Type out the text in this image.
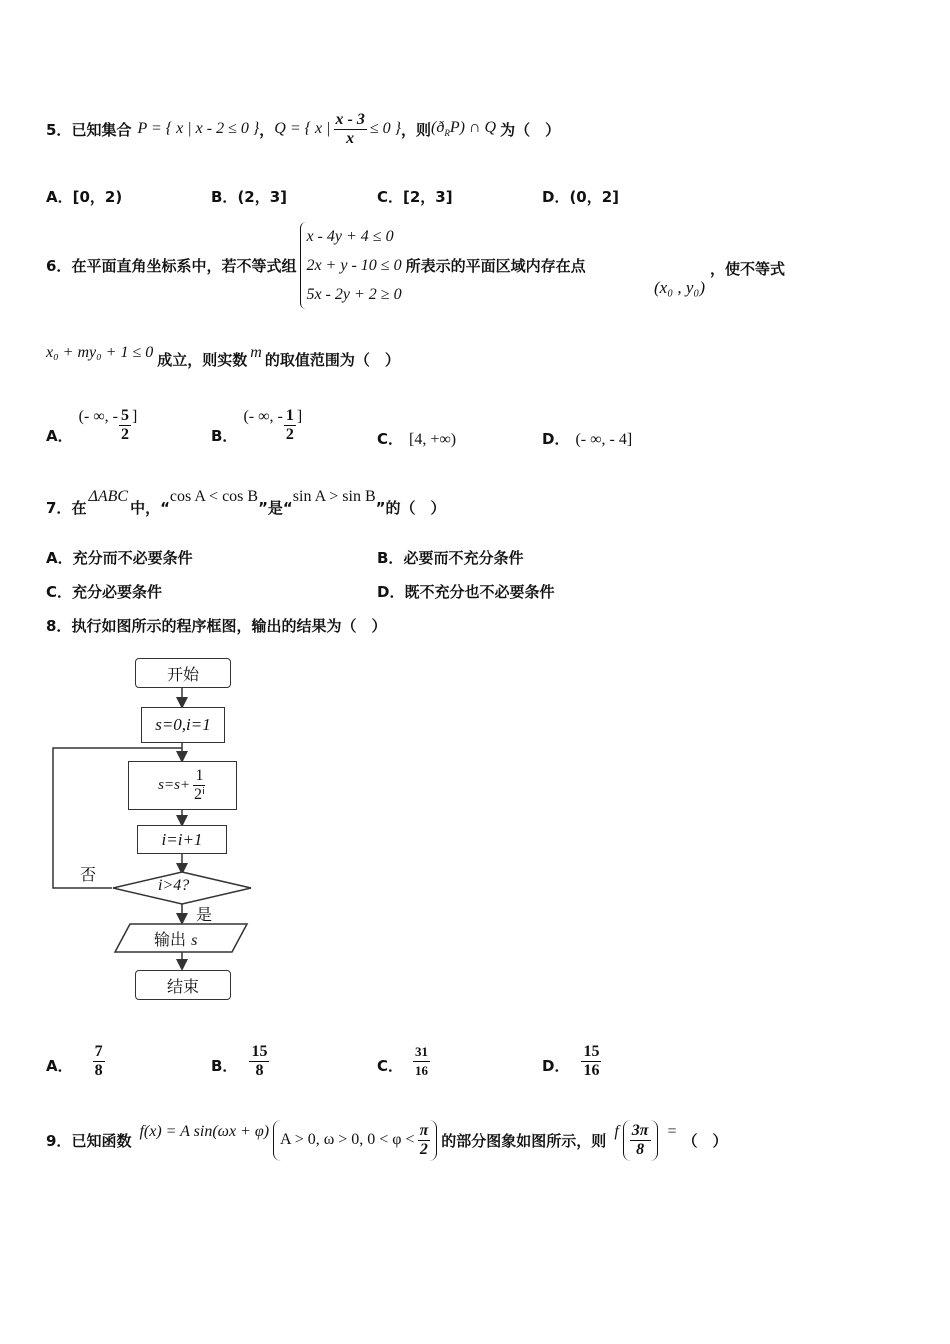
5． 已知集合 P = { x | x - 2 ≤ 0 } ， Q = { x | $\frac{x - 3}{x} \le 0$ } ，则 $(ð_RP)$ ∩ Q 为（　）
A．[0，2)	B．(2，3]	C．[2，3]	D．(0，2]
6． 在平面直角坐标系中，若不等式组
x - 4y + 4 ≤ 0
2x + y - 10 ≤ 0
5x - 2y + 2 ≥ 0
所表示的平面区域内存在点
(x₀ , y₀)
，使不等式
x₀ + my₀ + 1 ≤ 0 成立，则实数 m 的取值范围为（　）
A．
(- ∞, - $\frac{5}{2}$ ]
B．
(- ∞, - $\frac{1}{2}$ ]
C． [4, +∞)	D． (- ∞, - 4]
7． 在
ΔABC
中，“
cos A < cos B
”是“
sin A > sin B
”的（　）
A．充分而不必要条件	B．必要而不充分条件
C．充分必要条件	D．既不充分也不必要条件
8．执行如图所示的程序框图，输出的结果为（　）
开始
s=0,i=1
$s=s+ \frac{1}{\text{2ⁱ}}$
i=i+1
i>4?
否
是
输出 s
结束
A． $\frac{7}{8}$	B． $\frac{15}{8}$	C． $\frac{31}{16}$	D． $\frac{15}{16}$
9． 已知函数 f(x) = A sin(ωx + φ) A > 0, ω > 0, $0 < \varphi < \frac{\pi}{2}$ 的部分图象如图所示，则 f $\frac{3\pi}{8}$ = （　）
